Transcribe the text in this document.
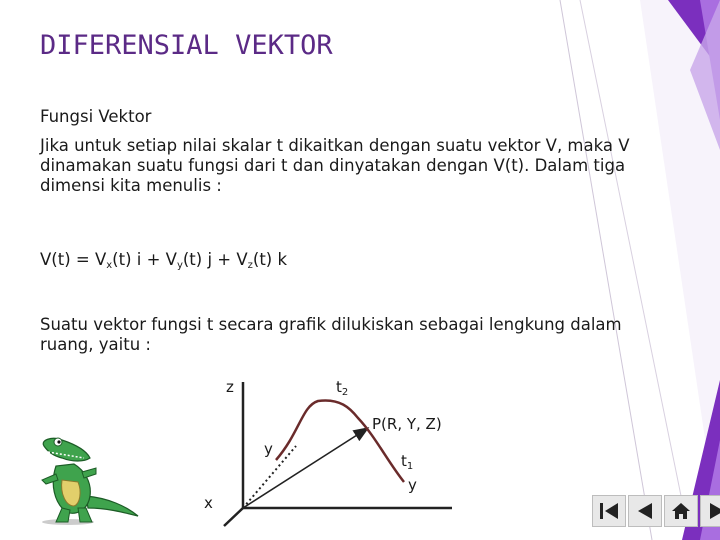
DIFERENSIAL VEKTOR
Fungsi Vektor
Jika untuk setiap nilai skalar t dikaitkan dengan suatu vektor V, maka V dinamakan suatu fungsi dari t dan dinyatakan dengan V(t). Dalam tiga dimensi kita menulis :
$V(t) = V_x(t) i + V_y(t) j + V_z(t)$ k
Suatu vektor fungsi t secara grafik dilukiskan sebagai lengkung dalam ruang, yaitu :
z
y
x
$t_2$
P(R, Y, Z)
$t_1$
y
